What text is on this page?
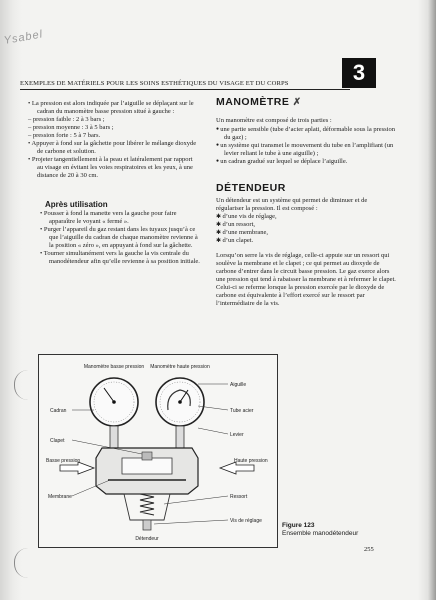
Ysabel
EXEMPLES DE MATÉRIELS POUR LES SOINS ESTHÉTIQUES DU VISAGE ET DU CORPS	3

• La pression est alors indiquée par l’aiguille se déplaçant sur le cadran du manomètre basse pression situé à gauche :

– pression faible : 2 à 3 bars ;

– pression moyenne : 3 à 5 bars ;

– pression forte : 5 à 7 bars.

• Appuyer à fond sur la gâchette pour libérer le mélange dioxyde de carbone et solution.

• Projeter tangentiellement à la peau et latéralement par rapport au visage en évitant les voies respiratoires et les yeux, à une distance de 20 à 30 cm.

Après utilisation

• Pousser à fond la manette vers la gauche pour faire apparaître le voyant « fermé ».

• Purger l’appareil du gaz restant dans les tuyaux jusqu’à ce que l’aiguille du cadran de chaque manomètre revienne à la position « zéro », en appuyant à fond sur la gâchette.

• Tourner simultanément vers la gauche la vis centrale du manodétendeur afin qu’elle revienne à sa position initiale.

MANOMÈTRE ✗
Un manomètre est composé de trois parties :

● une partie sensible (tube d’acier aplati, déformable sous la pression du gaz) ;

● un système qui transmet le mouvement du tube en l’amplifiant (un levier reliant le tube à une aiguille) ;

● un cadran gradué sur lequel se déplace l’aiguille.

DÉTENDEUR
Un détendeur est un système qui permet de diminuer et de régulariser la pression. Il est composé :

✱ d’une vis de réglage,

✱ d’un ressort,

✱ d’une membrane,

✱ d’un clapet.

Lorsqu’on serre la vis de réglage, celle-ci appuie sur un ressort qui soulève la membrane et le clapet ; ce qui permet au dioxyde de carbone d’entrer dans le circuit basse pression. Le gaz exerce alors une pression qui tend à rabaisser la membrane et à refermer le clapet.
Celui-ci se referme lorsque la pression exercée par le dioxyde de carbone est équivalente à l’effort exercé sur le ressort par l’intermédiaire de la vis.
Manomètre basse pression Manomètre haute pression
Aiguille
Cadran	Tube acier
Levier
Clapet
Basse pression	Haute pression
Membrane	Ressort
Vis de réglage
Détendeur
Figure 123
Ensemble manodétendeur
255
